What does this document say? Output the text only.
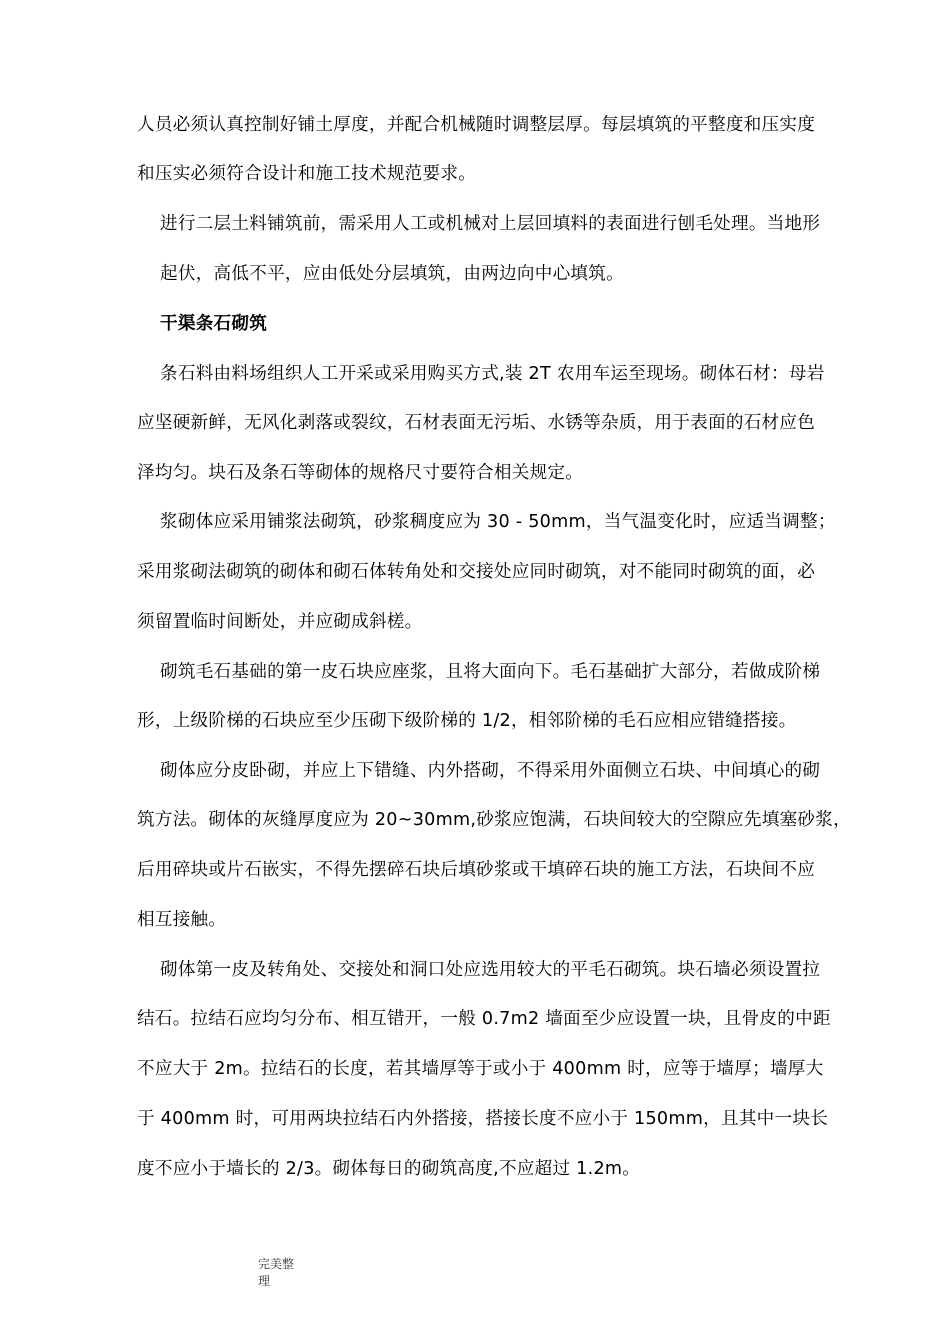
人员必须认真控制好铺土厚度，并配合机械随时调整层厚。每层填筑的平整度和压实度
和压实必须符合设计和施工技术规范要求。
进行二层土料铺筑前，需采用人工或机械对上层回填料的表面进行刨毛处理。当地形
起伏，高低不平，应由低处分层填筑，由两边向中心填筑。
干渠条石砌筑
条石料由料场组织人工开采或采用购买方式,装 2T 农用车运至现场。砌体石材：母岩
应坚硬新鲜，无风化剥落或裂纹，石材表面无污垢、水锈等杂质，用于表面的石材应色
泽均匀。块石及条石等砌体的规格尺寸要符合相关规定。
浆砌体应采用铺浆法砌筑，砂浆稠度应为 30 - 50mm，当气温变化时，应适当调整；
采用浆砌法砌筑的砌体和砌石体转角处和交接处应同时砌筑，对不能同时砌筑的面，必
须留置临时间断处，并应砌成斜槎。
砌筑毛石基础的第一皮石块应座浆，且将大面向下。毛石基础扩大部分，若做成阶梯
形，上级阶梯的石块应至少压砌下级阶梯的 1/2，相邻阶梯的毛石应相应错缝搭接。
砌体应分皮卧砌，并应上下错缝、内外搭砌，不得采用外面侧立石块、中间填心的砌
筑方法。砌体的灰缝厚度应为 20~30mm,砂浆应饱满，石块间较大的空隙应先填塞砂浆，
后用碎块或片石嵌实，不得先摆碎石块后填砂浆或干填碎石块的施工方法，石块间不应
相互接触。
砌体第一皮及转角处、交接处和洞口处应选用较大的平毛石砌筑。块石墙必须设置拉
结石。拉结石应均匀分布、相互错开，一般 0.7m2 墙面至少应设置一块，且骨皮的中距
不应大于 2m。拉结石的长度，若其墙厚等于或小于 400mm 时，应等于墙厚；墙厚大
于 400mm 时，可用两块拉结石内外搭接，搭接长度不应小于 150mm，且其中一块长
度不应小于墙长的 2/3。砌体每日的砌筑高度,不应超过 1.2m。
完美整理
